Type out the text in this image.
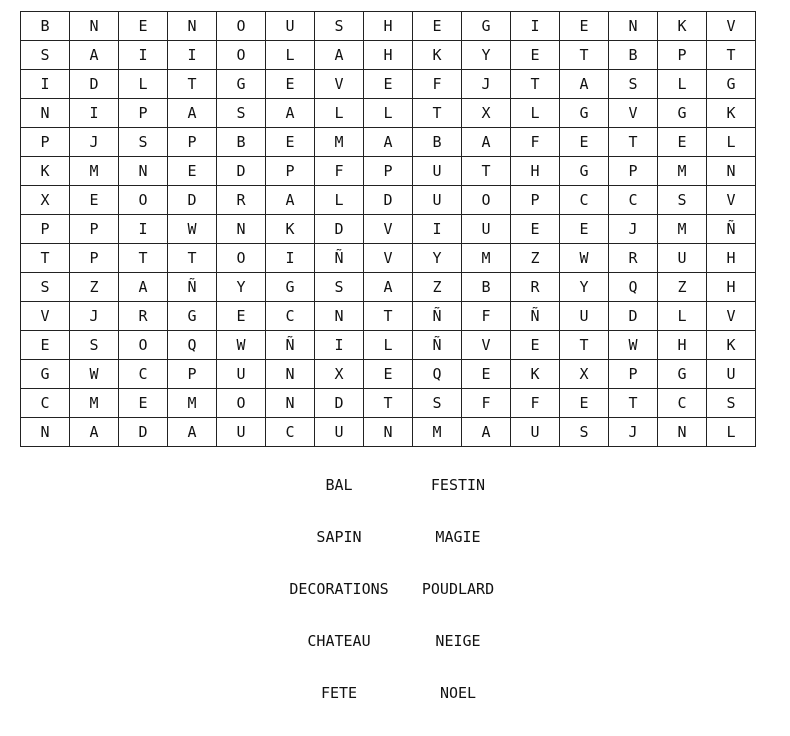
B	N	E	N	O	U	S	H	E	G	I	E	N	K	V
S	A	I	I	O	L	A	H	K	Y	E	T	B	P	T
I	D	L	T	G	E	V	E	F	J	T	A	S	L	G
N	I	P	A	S	A	L	L	T	X	L	G	V	G	K
P	J	S	P	B	E	M	A	B	A	F	E	T	E	L
K	M	N	E	D	P	F	P	U	T	H	G	P	M	N
X	E	O	D	R	A	L	D	U	O	P	C	C	S	V
P	P	I	W	N	K	D	V	I	U	E	E	J	M	Ñ
T	P	T	T	O	I	Ñ	V	Y	M	Z	W	R	U	H
S	Z	A	Ñ	Y	G	S	A	Z	B	R	Y	Q	Z	H
V	J	R	G	E	C	N	T	Ñ	F	Ñ	U	D	L	V
E	S	O	Q	W	Ñ	I	L	Ñ	V	E	T	W	H	K
G	W	C	P	U	N	X	E	Q	E	K	X	P	G	U
C	M	E	M	O	N	D	T	S	F	F	E	T	C	S
N	A	D	A	U	C	U	N	M	A	U	S	J	N	L
BAL	FESTIN
SAPIN	MAGIE
DECORATIONS	POUDLARD
CHATEAU	NEIGE
FETE	NOEL
